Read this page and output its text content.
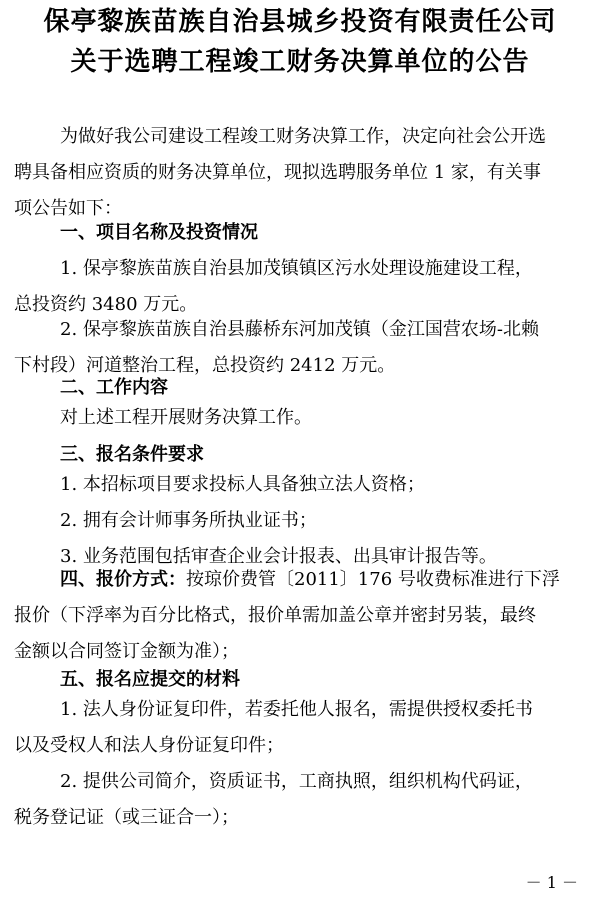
保亭黎族苗族自治县城乡投资有限责任公司
关于选聘工程竣工财务决算单位的公告
为做好我公司建设工程竣工财务决算工作，决定向社会公开选
聘具备相应资质的财务决算单位，现拟选聘服务单位 1 家，有关事
项公告如下：
一、项目名称及投资情况
1. 保亭黎族苗族自治县加茂镇镇区污水处理设施建设工程，
总投资约 3480 万元。
2. 保亭黎族苗族自治县藤桥东河加茂镇（金江国营农场-北赖
下村段）河道整治工程，总投资约 2412 万元。
二、工作内容
对上述工程开展财务决算工作。
三、报名条件要求
1. 本招标项目要求投标人具备独立法人资格；
2. 拥有会计师事务所执业证书；
3. 业务范围包括审查企业会计报表、出具审计报告等。
四、报价方式：按琼价费管〔2011〕176 号收费标准进行下浮
报价（下浮率为百分比格式，报价单需加盖公章并密封另装，最终
金额以合同签订金额为准）；
五、报名应提交的材料
1. 法人身份证复印件，若委托他人报名，需提供授权委托书
以及受权人和法人身份证复印件；
2. 提供公司简介，资质证书，工商执照，组织机构代码证，
税务登记证（或三证合一）；
－ 1 －
